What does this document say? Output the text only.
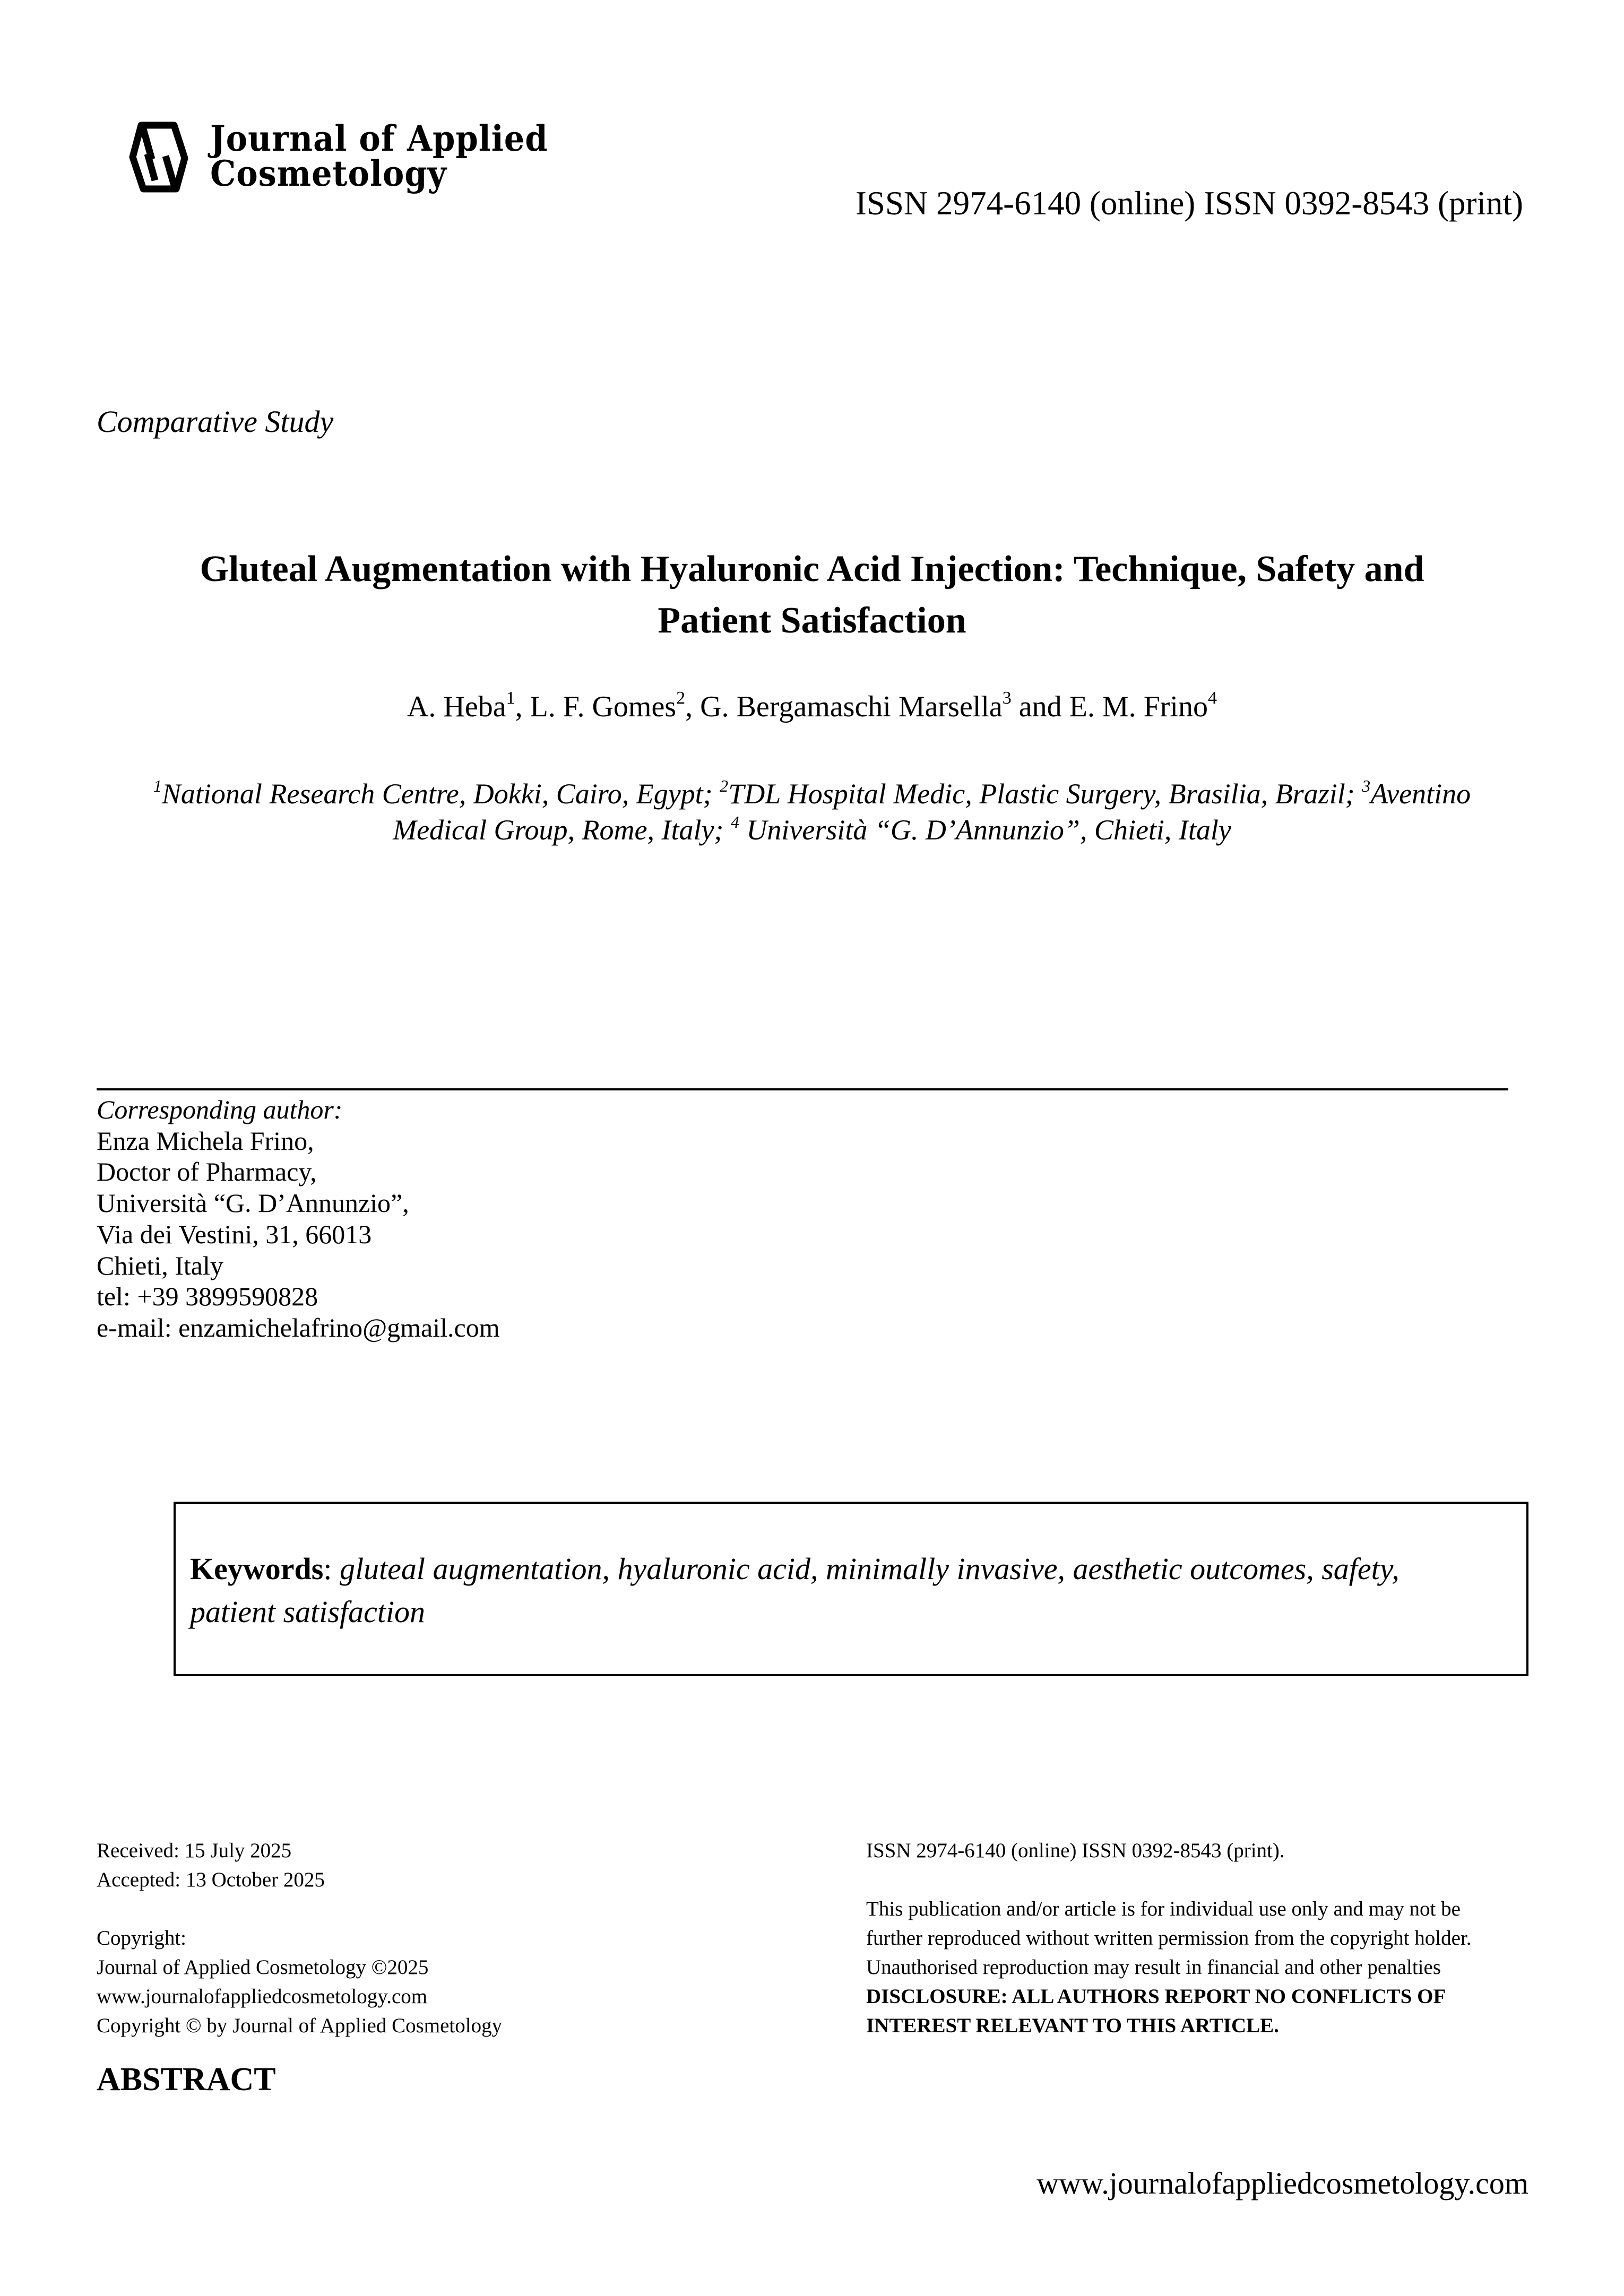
Journal of Applied
Cosmetology
ISSN 2974-6140 (online) ISSN 0392-8543 (print)
Comparative Study
Gluteal Augmentation with Hyaluronic Acid Injection: Technique, Safety and
Patient Satisfaction
A. Heba$^1$, L. F. Gomes$^2$, G. Bergamaschi Marsella$^3$ and E. M. Frino$^4$
$^1$National Research Centre, Dokki, Cairo, Egypt; $^2$TDL Hospital Medic, Plastic Surgery, Brasilia, Brazil; $^3$Aventino
Medical Group, Rome, Italy; $^4$ Università “G. D’Annunzio”, Chieti, Italy
Corresponding author:
Enza Michela Frino,
Doctor of Pharmacy,
Università “G. D’Annunzio”,
Via dei Vestini, 31, 66013
Chieti, Italy
tel: +39 3899590828
e-mail: enzamichelafrino@gmail.com
Keywords: gluteal augmentation, hyaluronic acid, minimally invasive, aesthetic outcomes, safety,
patient satisfaction
Received: 15 July 2025
Accepted: 13 October 2025
Copyright:
Journal of Applied Cosmetology ©2025
www.journalofappliedcosmetology.com
Copyright © by Journal of Applied Cosmetology
ISSN 2974-6140 (online) ISSN 0392-8543 (print).
This publication and/or article is for individual use only and may not be
further reproduced without written permission from the copyright holder.
Unauthorised reproduction may result in financial and other penalties
DISCLOSURE: ALL AUTHORS REPORT NO CONFLICTS OF
INTEREST RELEVANT TO THIS ARTICLE.
ABSTRACT
www.journalofappliedcosmetology.com
